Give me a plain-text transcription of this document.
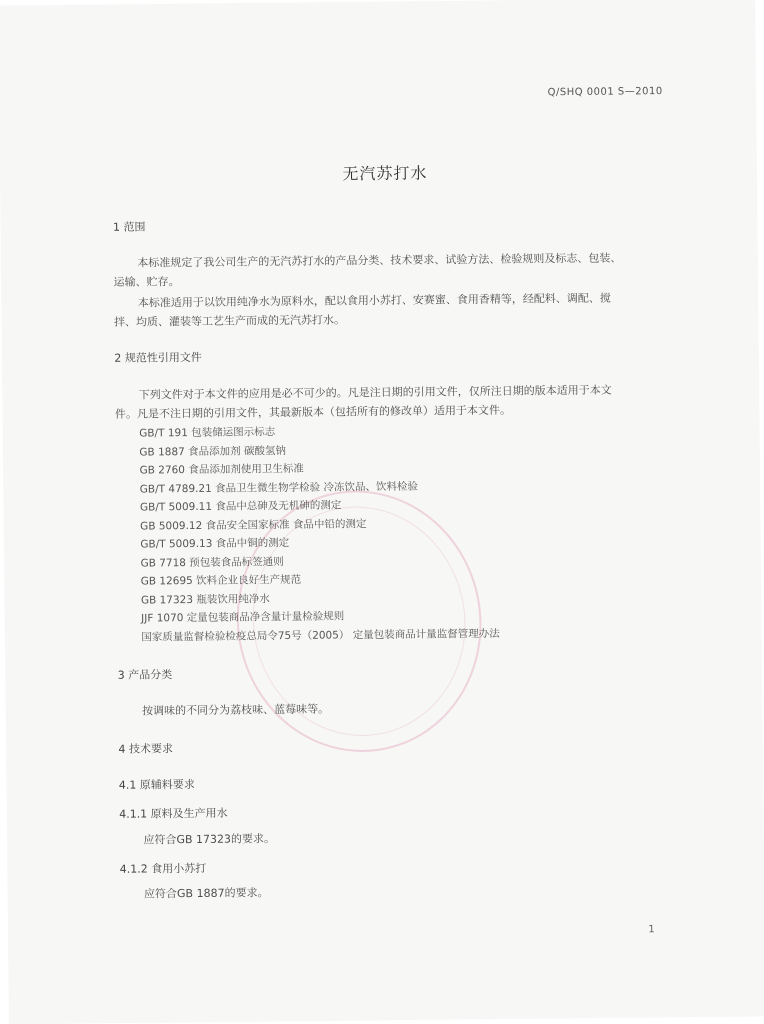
Q/SHQ 0001 S—2010
无汽苏打水
1 范围
本标准规定了我公司生产的无汽苏打水的产品分类、技术要求、试验方法、检验规则及标志、包装、
运输、贮存。
本标准适用于以饮用纯净水为原料水，配以食用小苏打、安赛蜜、食用香精等，经配料、调配、搅
拌、均质、灌装等工艺生产而成的无汽苏打水。
2 规范性引用文件
下列文件对于本文件的应用是必不可少的。凡是注日期的引用文件，仅所注日期的版本适用于本文
件。凡是不注日期的引用文件，其最新版本（包括所有的修改单）适用于本文件。
GB/T 191 包装储运图示标志
GB 1887 食品添加剂 碳酸氢钠
GB 2760 食品添加剂使用卫生标准
GB/T 4789.21 食品卫生微生物学检验 冷冻饮品、饮料检验
GB/T 5009.11 食品中总砷及无机砷的测定
GB 5009.12 食品安全国家标准 食品中铅的测定
GB/T 5009.13 食品中铜的测定
GB 7718 预包装食品标签通则
GB 12695 饮料企业良好生产规范
GB 17323 瓶装饮用纯净水
JJF 1070 定量包装商品净含量计量检验规则
国家质量监督检验检疫总局令75号（2005） 定量包装商品计量监督管理办法
3 产品分类
按调味的不同分为荔枝味、蓝莓味等。
4 技术要求
4.1 原辅料要求
4.1.1 原料及生产用水
应符合GB 17323的要求。
4.1.2 食用小苏打
应符合GB 1887的要求。
1
